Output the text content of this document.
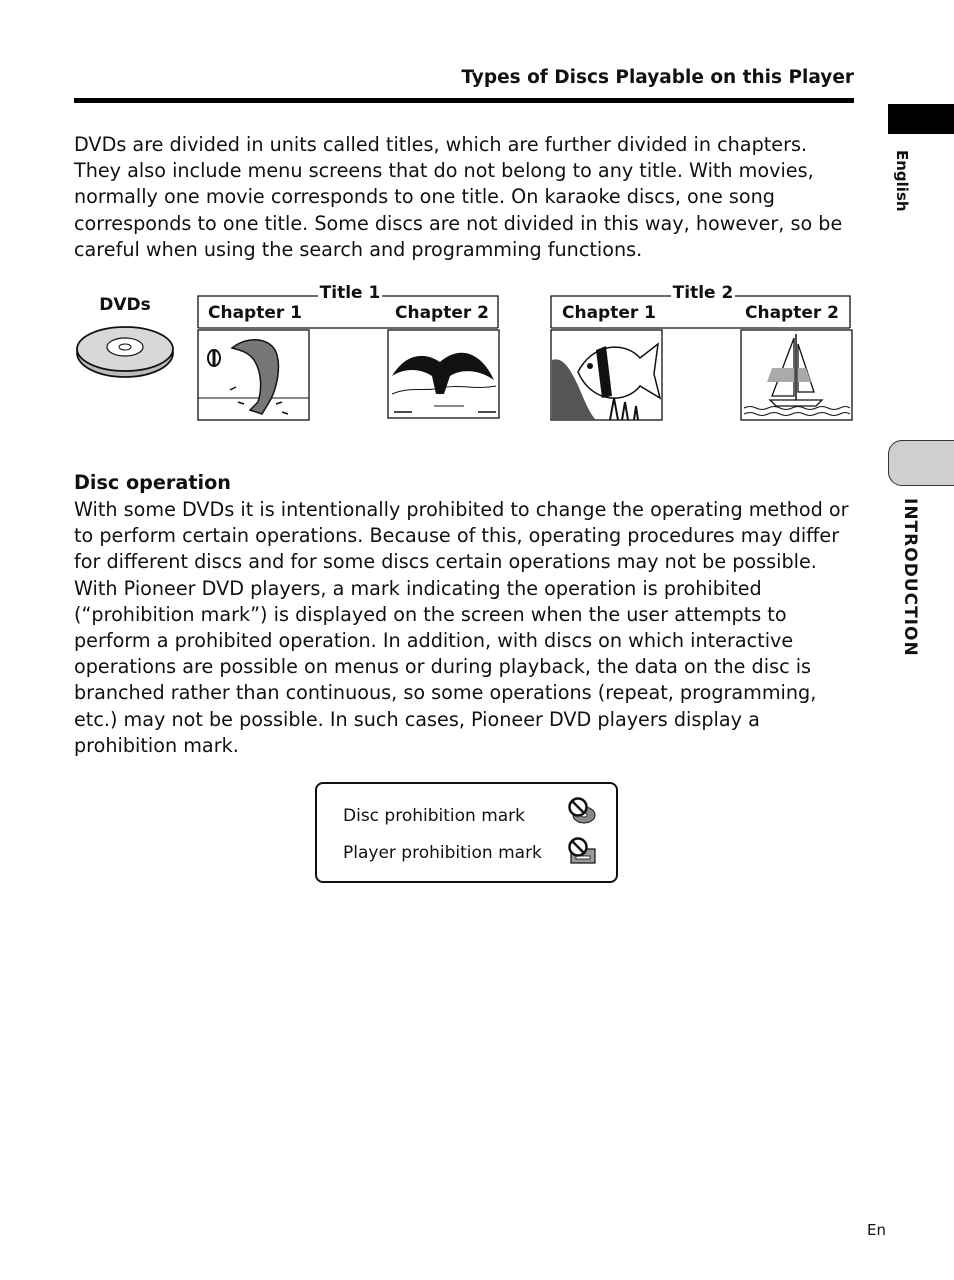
Types of Discs Playable on this Player
English
INTRODUCTION

DVDs are divided in units called titles, which are further divided in chapters. They also include menu screens that do not belong to any title. With movies, normally one movie corresponds to one title. On karaoke discs, one song corresponds to one title. Some discs are not divided in this way, however, so be careful when using the search and programming functions.

DVDs
Title 1
Chapter 1	Chapter 2
Title 2
Chapter 1	Chapter 2
Disc operation

With some DVDs it is intentionally prohibited to change the operating method or to perform certain operations. Because of this, operating procedures may differ for different discs and for some discs certain operations may not be possible. With Pioneer DVD players, a mark indicating the operation is prohibited (“prohibition mark”) is displayed on the screen when the user attempts to perform a prohibited operation. In addition, with discs on which interactive operations are possible on menus or during playback, the data on the disc is branched rather than continuous, so some operations (repeat, programming, etc.) may not be possible. In such cases, Pioneer DVD players display a prohibition mark.

Disc prohibition mark
Player prohibition mark
En
